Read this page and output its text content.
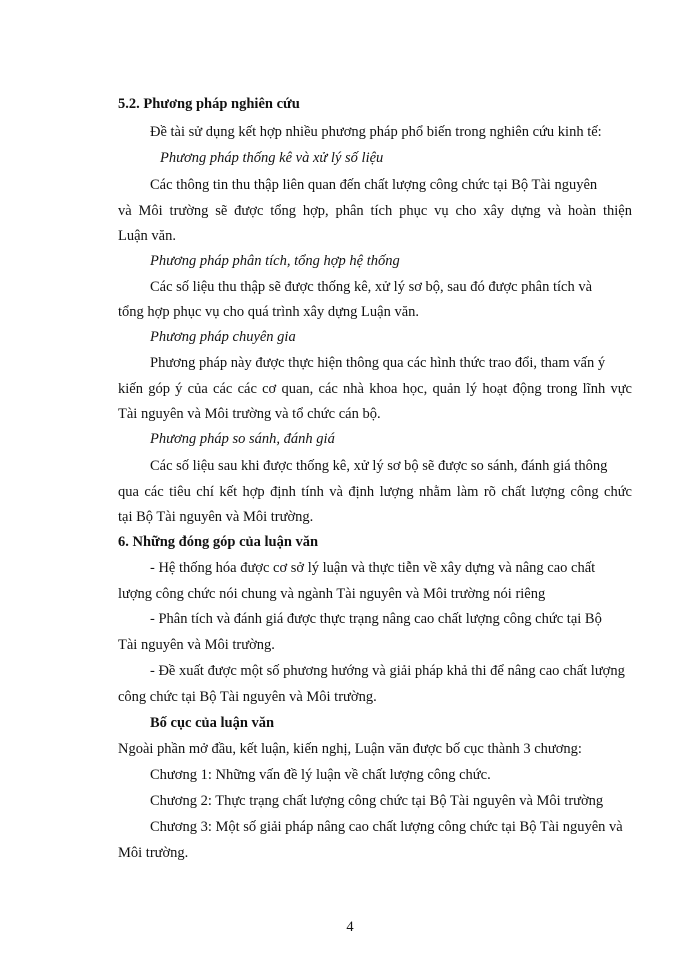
5.2. Phương pháp nghiên cứu
Đề tài sử dụng kết hợp nhiều phương pháp phổ biến trong nghiên cứu kinh tế:
Phương pháp thống kê và xử lý số liệu
Các thông tin thu thập liên quan đến chất lượng công chức tại Bộ Tài nguyên
và Môi trường sẽ được tổng hợp, phân tích phục vụ cho xây dựng và hoàn thiện
Luận văn.
Phương pháp phân tích, tổng hợp hệ thống
Các số liệu thu thập sẽ được thống kê, xử lý sơ bộ, sau đó được phân tích và
tổng hợp phục vụ cho quá trình xây dựng Luận văn.
Phương pháp chuyên gia
Phương pháp này được thực hiện thông qua các hình thức trao đổi, tham vấn ý
kiến góp ý của các các cơ quan, các nhà khoa học, quản lý hoạt động trong lĩnh vực
Tài nguyên và Môi trường và tổ chức cán bộ.
Phương pháp so sánh, đánh giá
Các số liệu sau khi được thống kê, xử lý sơ bộ sẽ được so sánh, đánh giá thông
qua các tiêu chí kết hợp định tính và định lượng nhằm làm rõ chất lượng công chức
tại Bộ Tài nguyên và Môi trường.
6. Những đóng góp của luận văn
- Hệ thống hóa được cơ sở lý luận và thực tiễn về xây dựng và nâng cao chất
lượng công chức nói chung và ngành Tài nguyên và Môi trường nói riêng
- Phân tích và đánh giá được thực trạng nâng cao chất lượng công chức tại Bộ
Tài nguyên và Môi trường.
- Đề xuất được một số phương hướng và giải pháp khả thi để nâng cao chất lượng
công chức tại Bộ Tài nguyên và Môi trường.
Bố cục của luận văn
Ngoài phần mở đầu, kết luận, kiến nghị, Luận văn được bố cục thành 3 chương:
Chương 1: Những vấn đề lý luận về chất lượng công chức.
Chương 2: Thực trạng chất lượng công chức tại Bộ Tài nguyên và Môi trường
Chương 3: Một số giải pháp nâng cao chất lượng công chức tại Bộ Tài nguyên và
Môi trường.
4
